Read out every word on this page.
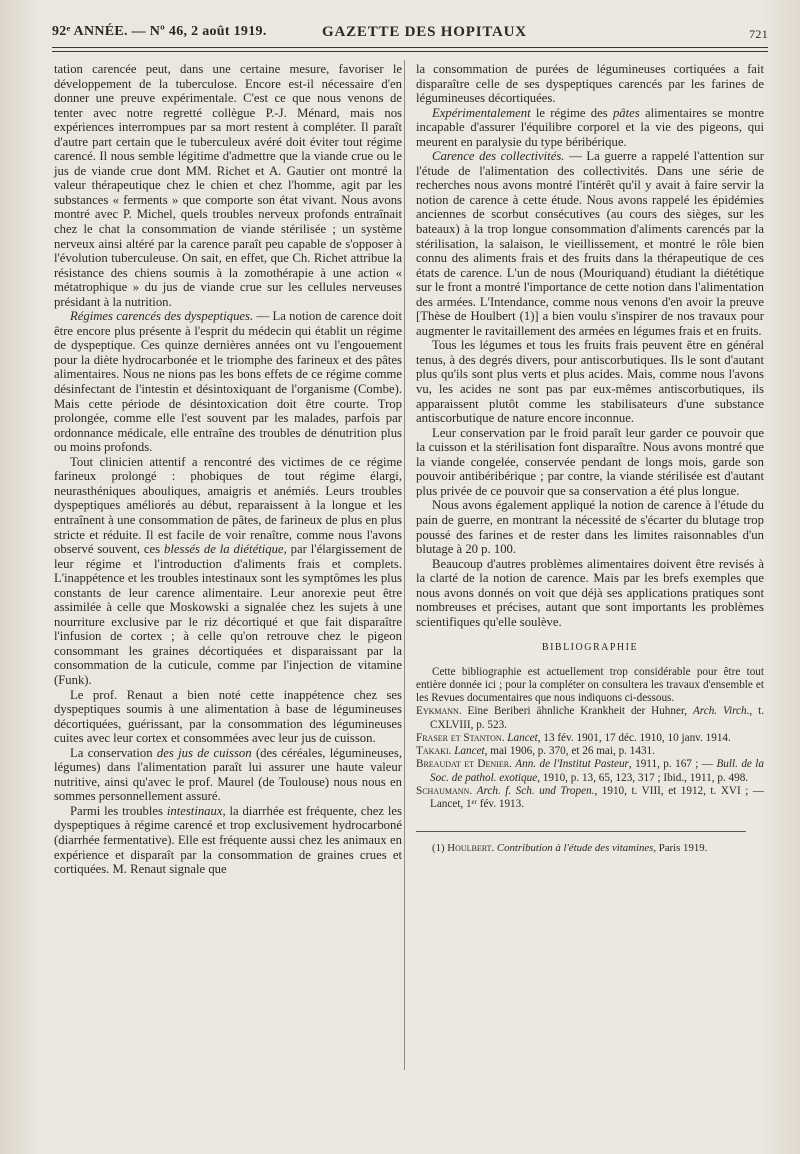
92ᵉ ANNÉE. — Nº 46, 2 août 1919.	GAZETTE DES HOPITAUX	721

tation carencée peut, dans une certaine mesure, favoriser le développement de la tuberculose. Encore est-il nécessaire d'en donner une preuve expérimentale. C'est ce que nous venons de tenter avec notre regretté collègue P.-J. Ménard, mais nos expériences interrompues par sa mort restent à compléter. Il paraît d'autre part certain que le tuberculeux avéré doit éviter tout régime carencé. Il nous semble légitime d'admettre que la viande crue ou le jus de viande crue dont MM. Richet et A. Gautier ont montré la valeur thérapeutique chez le chien et chez l'homme, agit par les substances « ferments » que comporte son état vivant. Nous avons montré avec P. Michel, quels troubles nerveux profonds entraînait chez le chat la consommation de viande stérilisée ; un système nerveux ainsi altéré par la carence paraît peu capable de s'opposer à l'évolution tuberculeuse. On sait, en effet, que Ch. Richet attribue la résistance des chiens soumis à la zomothérapie à une action « métatrophique » du jus de viande crue sur les cellules nerveuses présidant à la nutrition.

Régimes carencés des dyspeptiques. — La notion de carence doit être encore plus présente à l'esprit du médecin qui établit un régime de dyspeptique. Ces quinze dernières années ont vu l'engouement pour la diète hydrocarbonée et le triomphe des farineux et des pâtes alimentaires. Nous ne nions pas les bons effets de ce régime comme désinfectant de l'intestin et désintoxiquant de l'organisme (Combe). Mais cette période de désintoxication doit être courte. Trop prolongée, comme elle l'est souvent par les malades, parfois par ordonnance médicale, elle entraîne des troubles de dénutrition plus ou moins profonds.

Tout clinicien attentif a rencontré des victimes de ce régime farineux prolongé : phobiques de tout régime élargi, neurasthéniques abouliques, amaigris et anémiés. Leurs troubles dyspeptiques améliorés au début, reparaissent à la longue et les entraînent à une consommation de pâtes, de farineux de plus en plus stricte et réduite. Il est facile de voir renaître, comme nous l'avons observé souvent, ces blessés de la diététique, par l'élargissement de leur régime et l'introduction d'aliments frais et complets. L'inappétence et les troubles intestinaux sont les symptômes les plus constants de leur carence alimentaire. Leur anorexie peut être assimilée à celle que Moskowski a signalée chez les sujets à une nourriture exclusive par le riz décortiqué et que fait disparaître l'infusion de cortex ; à celle qu'on retrouve chez le pigeon consommant les graines décortiquées et disparaissant par la consommation de la cuticule, comme par l'injection de vitamine (Funk).

Le prof. Renaut a bien noté cette inappétence chez ses dyspeptiques soumis à une alimentation à base de légumineuses décortiquées, guérissant, par la consommation des légumineuses cuites avec leur cortex et consommées avec leur jus de cuisson.

La conservation des jus de cuisson (des céréales, légumineuses, légumes) dans l'alimentation paraît lui assurer une haute valeur nutritive, ainsi qu'avec le prof. Maurel (de Toulouse) nous nous en sommes personnellement assuré.

Parmi les troubles intestinaux, la diarrhée est fréquente, chez les dyspeptiques à régime carencé et trop exclusivement hydrocarboné (diarrhée fermentative). Elle est fréquente aussi chez les animaux en expérience et disparaît par la consommation de graines crues et cortiquées. M. Renaut signale que

la consommation de purées de légumineuses cortiquées a fait disparaître celle de ses dyspeptiques carencés par les farines de légumineuses décortiquées.

Expérimentalement le régime des pâtes alimentaires se montre incapable d'assurer l'équilibre corporel et la vie des pigeons, qui meurent en paralysie du type béribérique.

Carence des collectivités. — La guerre a rappelé l'attention sur l'étude de l'alimentation des collectivités. Dans une série de recherches nous avons montré l'intérêt qu'il y avait à faire servir la notion de carence à cette étude. Nous avons rappelé les épidémies anciennes de scorbut consécutives (au cours des sièges, sur les bateaux) à la trop longue consommation d'aliments carencés par la stérilisation, la salaison, le vieillissement, et montré le rôle bien connu des aliments frais et des fruits dans la thérapeutique de ces états de carence. L'un de nous (Mouriquand) étudiant la diététique sur le front a montré l'importance de cette notion dans l'alimentation des armées. L'Intendance, comme nous venons d'en avoir la preuve [Thèse de Houlbert (1)] a bien voulu s'inspirer de nos travaux pour augmenter le ravitaillement des armées en légumes frais et en fruits.

Tous les légumes et tous les fruits frais peuvent être en général tenus, à des degrés divers, pour antiscorbutiques. Ils le sont d'autant plus qu'ils sont plus verts et plus acides. Mais, comme nous l'avons vu, les acides ne sont pas par eux-mêmes antiscorbutiques, ils apparaissent plutôt comme les stabilisateurs d'une substance antiscorbutique de nature encore inconnue.

Leur conservation par le froid paraît leur garder ce pouvoir que la cuisson et la stérilisation font disparaître. Nous avons montré que la viande congelée, conservée pendant de longs mois, garde son pouvoir antibéribérique ; par contre, la viande stérilisée est d'autant plus privée de ce pouvoir que sa conservation a été plus longue.

Nous avons également appliqué la notion de carence à l'étude du pain de guerre, en montrant la nécessité de s'écarter du blutage trop poussé des farines et de rester dans les limites raisonnables d'un blutage à 20 p. 100.

Beaucoup d'autres problèmes alimentaires doivent être revisés à la clarté de la notion de carence. Mais par les brefs exemples que nous avons donnés on voit que déjà ses applications pratiques sont nombreuses et précises, autant que sont importants les problèmes scientifiques qu'elle soulève.

BIBLIOGRAPHIE

Cette bibliographie est actuellement trop considérable pour être tout entière donnée ici ; pour la compléter on consultera les travaux d'ensemble et les Revues documentaires que nous indiquons ci-dessous.

Eykmann. Eine Beriberi ähnliche Krankheit der Huhner, Arch. Virch., t. CXLVIII, p. 523.

Fraser et Stanton. Lancet, 13 fév. 1901, 17 déc. 1910, 10 janv. 1914.

Takaki. Lancet, mai 1906, p. 370, et 26 mai, p. 1431.

Breaudat et Denier. Ann. de l'Institut Pasteur, 1911, p. 167 ; — Bull. de la Soc. de pathol. exotique, 1910, p. 13, 65, 123, 317 ; Ibid., 1911, p. 498.

Schaumann. Arch. f. Sch. und Tropen., 1910, t. VIII, et 1912, t. XVI ; — Lancet, 1ᵉʳ fév. 1913.

(1) Houlbert. Contribution à l'étude des vitamines, Paris 1919.
